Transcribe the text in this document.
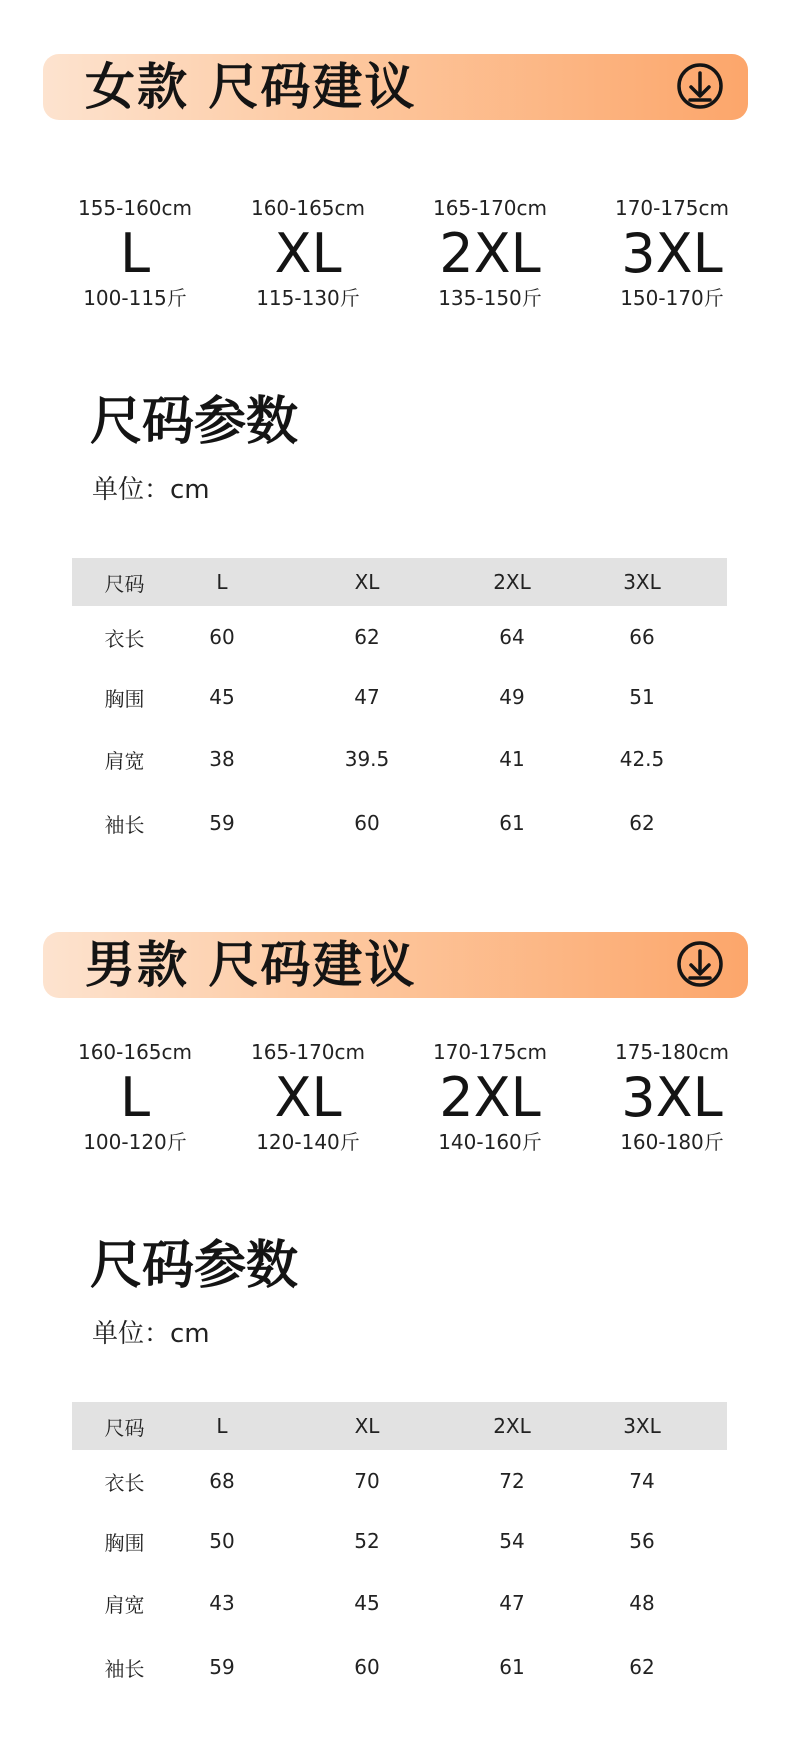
女款 尺码建议
155-160cm
L
100-115斤
160-165cm
XL
115-130斤
165-170cm
2XL
135-150斤
170-175cm
3XL
150-170斤
尺码参数
单位：cm
尺码	L	XL	2XL	3XL
衣长	60	62	64	66
胸围	45	47	49	51
肩宽	38	39.5	41	42.5
袖长	59	60	61	62
男款 尺码建议
160-165cm
L
100-120斤
165-170cm
XL
120-140斤
170-175cm
2XL
140-160斤
175-180cm
3XL
160-180斤
尺码参数
单位：cm
尺码	L	XL	2XL	3XL
衣长	68	70	72	74
胸围	50	52	54	56
肩宽	43	45	47	48
袖长	59	60	61	62
